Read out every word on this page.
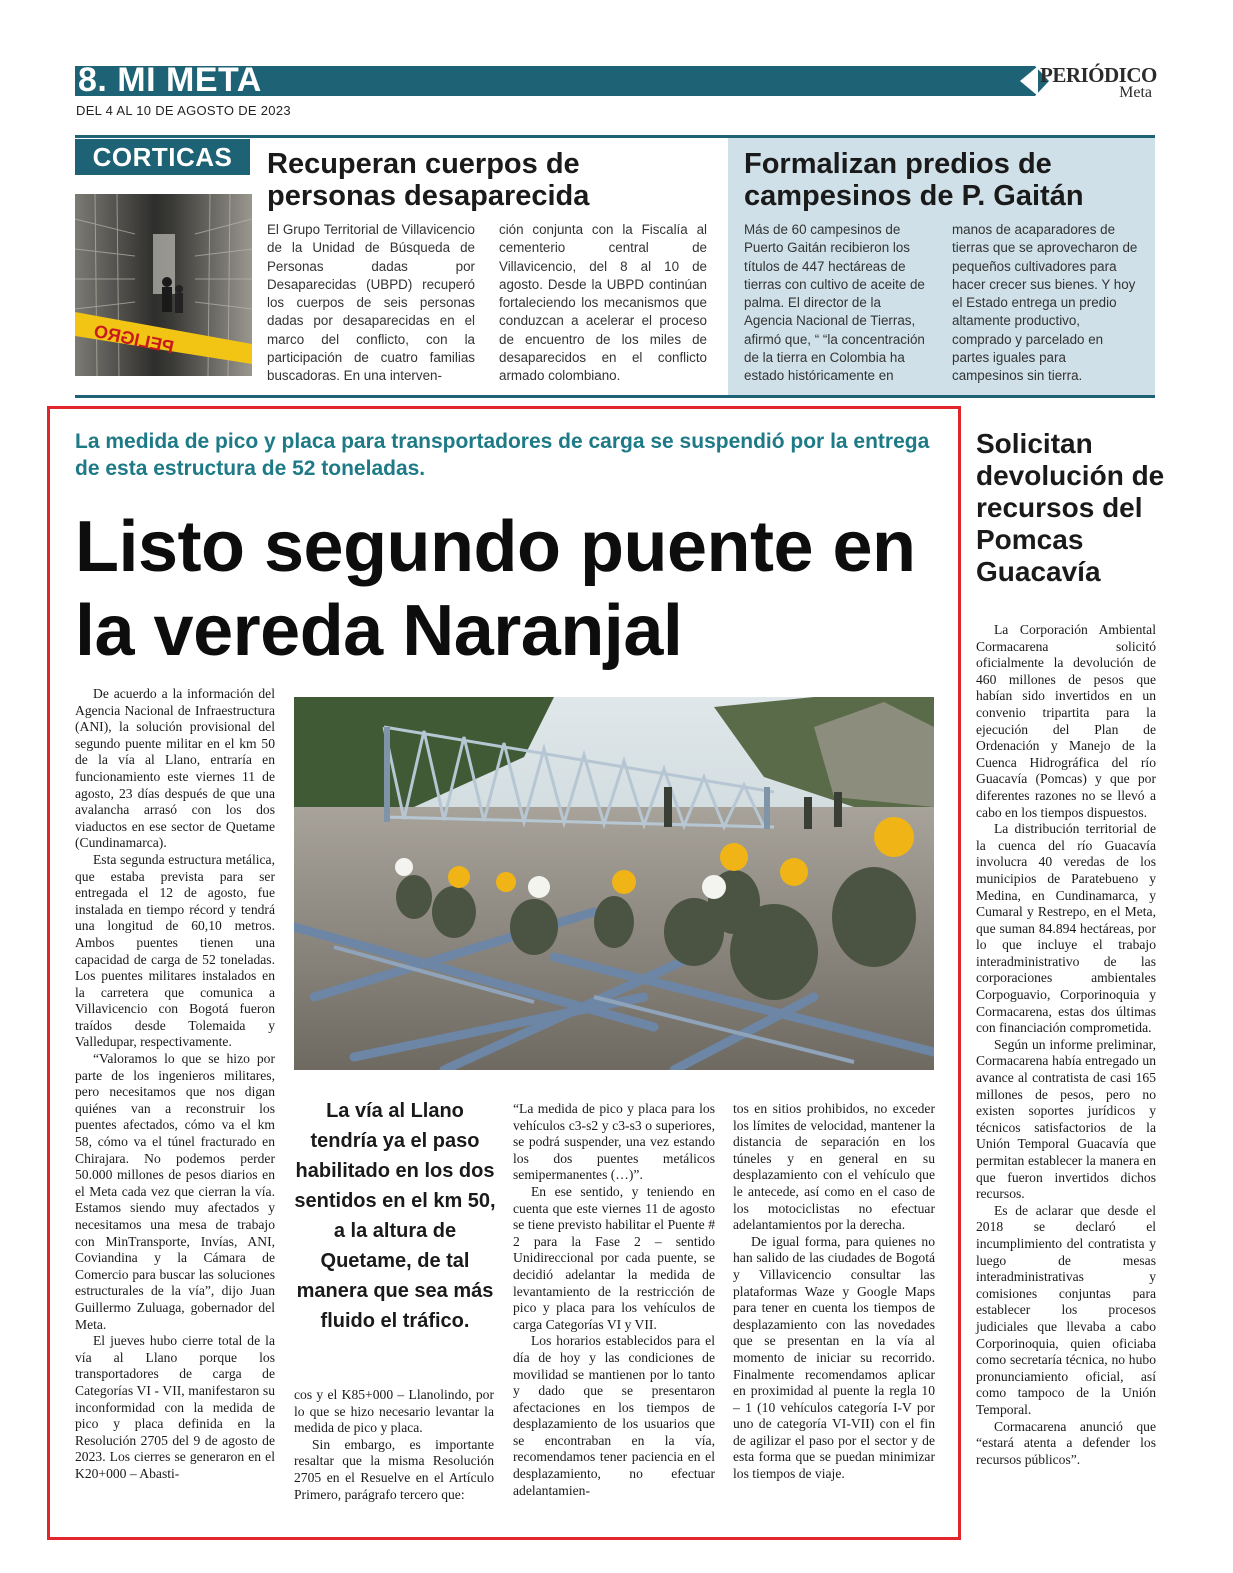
8. MI META	PERIÓDICO
Meta
DEL 4 AL 10 DE AGOSTO DE 2023
CORTICAS
PELIGRO
Recuperan cuerpos de personas desaparecida
El Grupo Territorial de Villavicencio de la Unidad de Búsqueda de Personas dadas por Desaparecidas (UBPD) recuperó los cuerpos de seis personas dadas por desaparecidas en el marco del conflicto, con la participación de cuatro familias buscadoras. En una interven-
ción conjunta con la Fiscalía al cementerio central de Villavicencio, del 8 al 10 de agosto. Desde la UBPD continúan fortaleciendo los mecanismos que conduzcan a acelerar el proceso de encuentro de los miles de desaparecidos en el conflicto armado colombiano.
Formalizan predios de campesinos de P. Gaitán
Más de 60 campesinos de Puerto Gaitán recibieron los títulos de 447 hectáreas de tierras con cultivo de aceite de palma. El director de la Agencia Nacional de Tierras, afirmó que, “ “la concentración de la tierra en Colombia ha estado históricamente en
manos de acaparadores de tierras que se aprovecharon de pequeños cultivadores para hacer crecer sus bienes. Y hoy el Estado entrega un predio altamente productivo, comprado y parcelado en partes iguales para campesinos sin tierra.
La medida de pico y placa para transportadores de carga se suspendió por la entrega de esta estructura de 52 toneladas.
Listo segundo puente en la vereda Naranjal

De acuerdo a la información del Agencia Nacional de Infraestructura (ANI), la solución provisional del segundo puente militar en el km 50 de la vía al Llano, entraría en funcionamiento este viernes 11 de agosto, 23 días después de que una avalancha arrasó con los dos viaductos en ese sector de Quetame (Cundinamarca).

Esta segunda estructura metálica, que estaba prevista para ser entregada el 12 de agosto, fue instalada en tiempo récord y tendrá una longitud de 60,10 metros. Ambos puentes tienen una capacidad de carga de 52 toneladas. Los puentes militares instalados en la carretera que comunica a Villavicencio con Bogotá fueron traídos desde Tolemaida y Valledupar, respectivamente.

“Valoramos lo que se hizo por parte de los ingenieros militares, pero necesitamos que nos digan quiénes van a reconstruir los puentes afectados, cómo va el km 58, cómo va el túnel fracturado en Chirajara. No podemos perder 50.000 millones de pesos diarios en el Meta cada vez que cierran la vía. Estamos siendo muy afectados y necesitamos una mesa de trabajo con MinTransporte, Invías, ANI, Coviandina y la Cámara de Comercio para buscar las soluciones estructurales de la vía”, dijo Juan Guillermo Zuluaga, gobernador del Meta.

El jueves hubo cierre total de la vía al Llano porque los transportadores de carga de Categorías VI - VII, manifestaron su inconformidad con la medida de pico y placa definida en la Resolución 2705 del 9 de agosto de 2023. Los cierres se generaron en el K20+000 – Abasti-

La vía al Llano tendría ya el paso habilitado en los dos sentidos en el km 50, a la altura de Quetame, de tal manera que sea más fluido el tráfico.

cos y el K85+000 – Llanolindo, por lo que se hizo necesario levantar la medida de pico y placa.

Sin embargo, es importante resaltar que la misma Resolución 2705 en el Resuelve en el Artículo Primero, parágrafo tercero que:

“La medida de pico y placa para los vehículos c3-s2 y c3-s3 o superiores, se podrá suspender, una vez estando los dos puentes metálicos semipermanentes (…)”.

En ese sentido, y teniendo en cuenta que este viernes 11 de agosto se tiene previsto habilitar el Puente # 2 para la Fase 2 – sentido Unidireccional por cada puente, se decidió adelantar la medida de levantamiento de la restricción de pico y placa para los vehículos de carga Categorías VI y VII.

Los horarios establecidos para el día de hoy y las condiciones de movilidad se mantienen por lo tanto y dado que se presentaron afectaciones en los tiempos de desplazamiento de los usuarios que se encontraban en la vía, recomendamos tener paciencia en el desplazamiento, no efectuar adelantamien-

tos en sitios prohibidos, no exceder los límites de velocidad, mantener la distancia de separación en los túneles y en general en su desplazamiento con el vehículo que le antecede, así como en el caso de los motociclistas no efectuar adelantamientos por la derecha.

De igual forma, para quienes no han salido de las ciudades de Bogotá y Villavicencio consultar las plataformas Waze y Google Maps para tener en cuenta los tiempos de desplazamiento con las novedades que se presentan en la vía al momento de iniciar su recorrido. Finalmente recomendamos aplicar en proximidad al puente la regla 10 – 1 (10 vehículos categoría I-V por uno de categoría VI-VII) con el fin de agilizar el paso por el sector y de esta forma que se puedan minimizar los tiempos de viaje.

Solicitan devolución de recursos del Pomcas Guacavía

La Corporación Ambiental Cormacarena solicitó oficialmente la devolución de 460 millones de pesos que habían sido invertidos en un convenio tripartita para la ejecución del Plan de Ordenación y Manejo de la Cuenca Hidrográfica del río Guacavía (Pomcas) y que por diferentes razones no se llevó a cabo en los tiempos dispuestos.

La distribución territorial de la cuenca del río Guacavía involucra 40 veredas de los municipios de Paratebueno y Medina, en Cundinamarca, y Cumaral y Restrepo, en el Meta, que suman 84.894 hectáreas, por lo que incluye el trabajo interadministrativo de las corporaciones ambientales Corpoguavio, Corporinoquia y Cormacarena, estas dos últimas con financiación comprometida.

Según un informe preliminar, Cormacarena había entregado un avance al contratista de casi 165 millones de pesos, pero no existen soportes jurídicos y técnicos satisfactorios de la Unión Temporal Guacavía que permitan establecer la manera en que fueron invertidos dichos recursos.

Es de aclarar que desde el 2018 se declaró el incumplimiento del contratista y luego de mesas interadministrativas y comisiones conjuntas para establecer los procesos judiciales que llevaba a cabo Corporinoquia, quien oficiaba como secretaría técnica, no hubo pronunciamiento oficial, así como tampoco de la Unión Temporal.

Cormacarena anunció que “estará atenta a defender los recursos públicos”.
